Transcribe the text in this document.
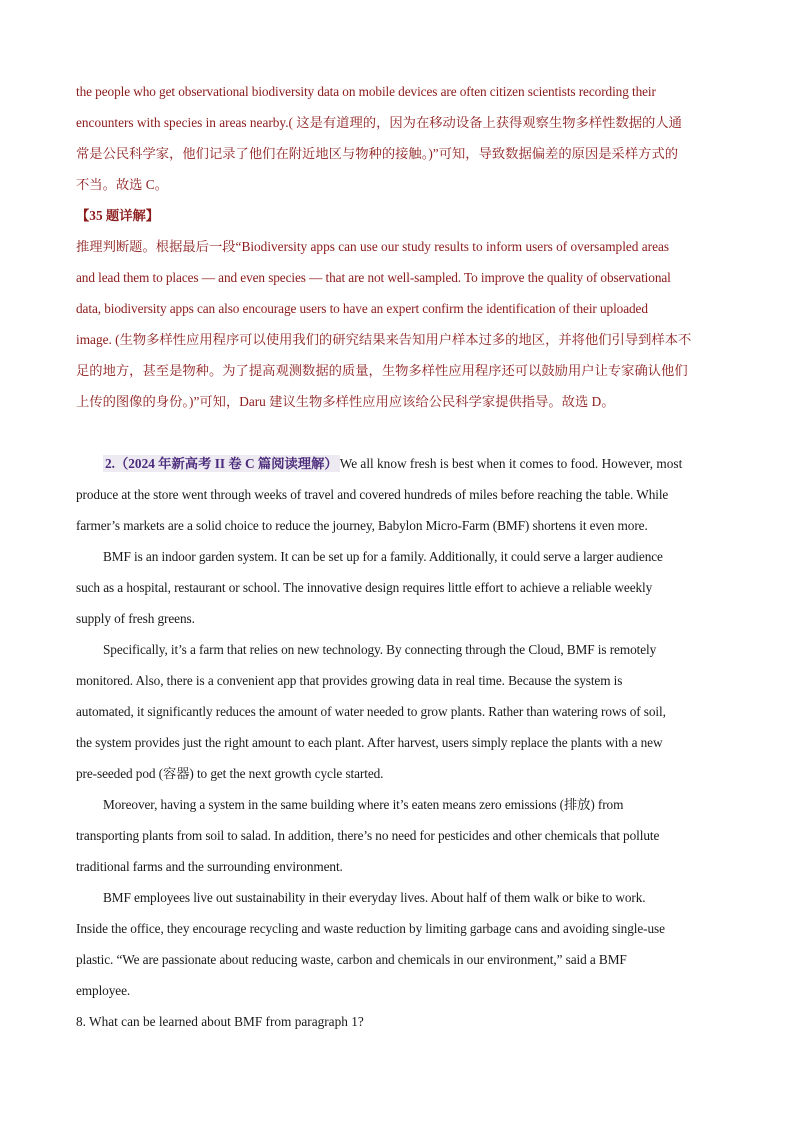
the people who get observational biodiversity data on mobile devices are often citizen scientists recording their

encounters with species in areas nearby.( 这是有道理的，因为在移动设备上获得观察生物多样性数据的人通

常是公民科学家，他们记录了他们在附近地区与物种的接触。)”可知，导致数据偏差的原因是采样方式的

不当。故选 C。

【35 题详解】

推理判断题。根据最后一段“Biodiversity apps can use our study results to inform users of oversampled areas

and lead them to places — and even species — that are not well-sampled. To improve the quality of observational

data, biodiversity apps can also encourage users to have an expert confirm the identification of their uploaded

image. (生物多样性应用程序可以使用我们的研究结果来告知用户样本过多的地区，并将他们引导到样本不

足的地方，甚至是物种。为了提高观测数据的质量，生物多样性应用程序还可以鼓励用户让专家确认他们

上传的图像的身份。)”可知，Daru 建议生物多样性应用应该给公民科学家提供指导。故选 D。

2.（2024 年新高考 II 卷 C 篇阅读理解） We all know fresh is best when it comes to food. However, most

produce at the store went through weeks of travel and covered hundreds of miles before reaching the table. While

farmer’s markets are a solid choice to reduce the journey, Babylon Micro-Farm (BMF) shortens it even more.

BMF is an indoor garden system. It can be set up for a family. Additionally, it could serve a larger audience

such as a hospital, restaurant or school. The innovative design requires little effort to achieve a reliable weekly

supply of fresh greens.

Specifically, it’s a farm that relies on new technology. By connecting through the Cloud, BMF is remotely

monitored. Also, there is a convenient app that provides growing data in real time. Because the system is

automated, it significantly reduces the amount of water needed to grow plants. Rather than watering rows of soil,

the system provides just the right amount to each plant. After harvest, users simply replace the plants with a new

pre-seeded pod (容器) to get the next growth cycle started.

Moreover, having a system in the same building where it’s eaten means zero emissions (排放) from

transporting plants from soil to salad. In addition, there’s no need for pesticides and other chemicals that pollute

traditional farms and the surrounding environment.

BMF employees live out sustainability in their everyday lives. About half of them walk or bike to work.

Inside the office, they encourage recycling and waste reduction by limiting garbage cans and avoiding single-use

plastic. “We are passionate about reducing waste, carbon and chemicals in our environment,” said a BMF

employee.

8. What can be learned about BMF from paragraph 1?
